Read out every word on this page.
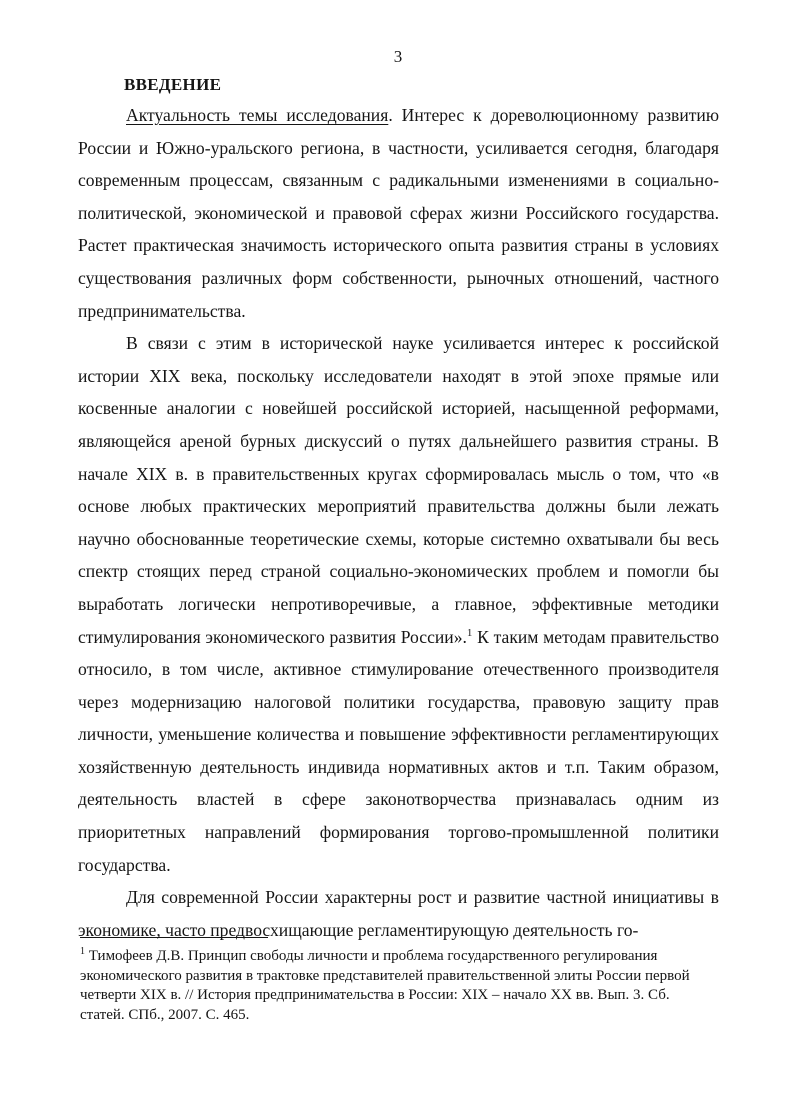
3
ВВЕДЕНИЕ

Актуальность темы исследования. Интерес к дореволюционному развитию России и Южно-уральского региона, в частности, усиливается сегодня, благодаря современным процессам, связанным с радикальными изменениями в социально-политической, экономической и правовой сферах жизни Российского государства. Растет практическая значимость исторического опыта развития страны в условиях существования различных форм собственности, рыночных отношений, частного предпринимательства.

В связи с этим в исторической науке усиливается интерес к российской истории XIX века, поскольку исследователи находят в этой эпохе прямые или косвенные аналогии с новейшей российской историей, насыщенной реформами, являющейся ареной бурных дискуссий о путях дальнейшего развития страны. В начале XIX в. в правительственных кругах сформировалась мысль о том, что «в основе любых практических мероприятий правительства должны были лежать научно обоснованные теоретические схемы, которые системно охватывали бы весь спектр стоящих перед страной социально-экономических проблем и помогли бы выработать логически непротиворечивые, а главное, эффективные методики стимулирования экономического развития России».$^1$ К таким методам правительство относило, в том числе, активное стимулирование отечественного производителя через модернизацию налоговой политики государства, правовую защиту прав личности, уменьшение количества и повышение эффективности регламентирующих хозяйственную деятельность индивида нормативных актов и т.п. Таким образом, деятельность властей в сфере законотворчества признавалась одним из приоритетных направлений формирования торгово-промышленной политики государства.

Для современной России характерны рост и развитие частной инициативы в экономике, часто предвосхищающие регламентирующую деятельность го-

$^1$ Тимофеев Д.В. Принцип свободы личности и проблема государственного регулирования экономического развития в трактовке представителей правительственной элиты России первой четверти XIX в. // История предпринимательства в России: XIX – начало XX вв. Вып. 3. Сб. статей. СПб., 2007. С. 465.
